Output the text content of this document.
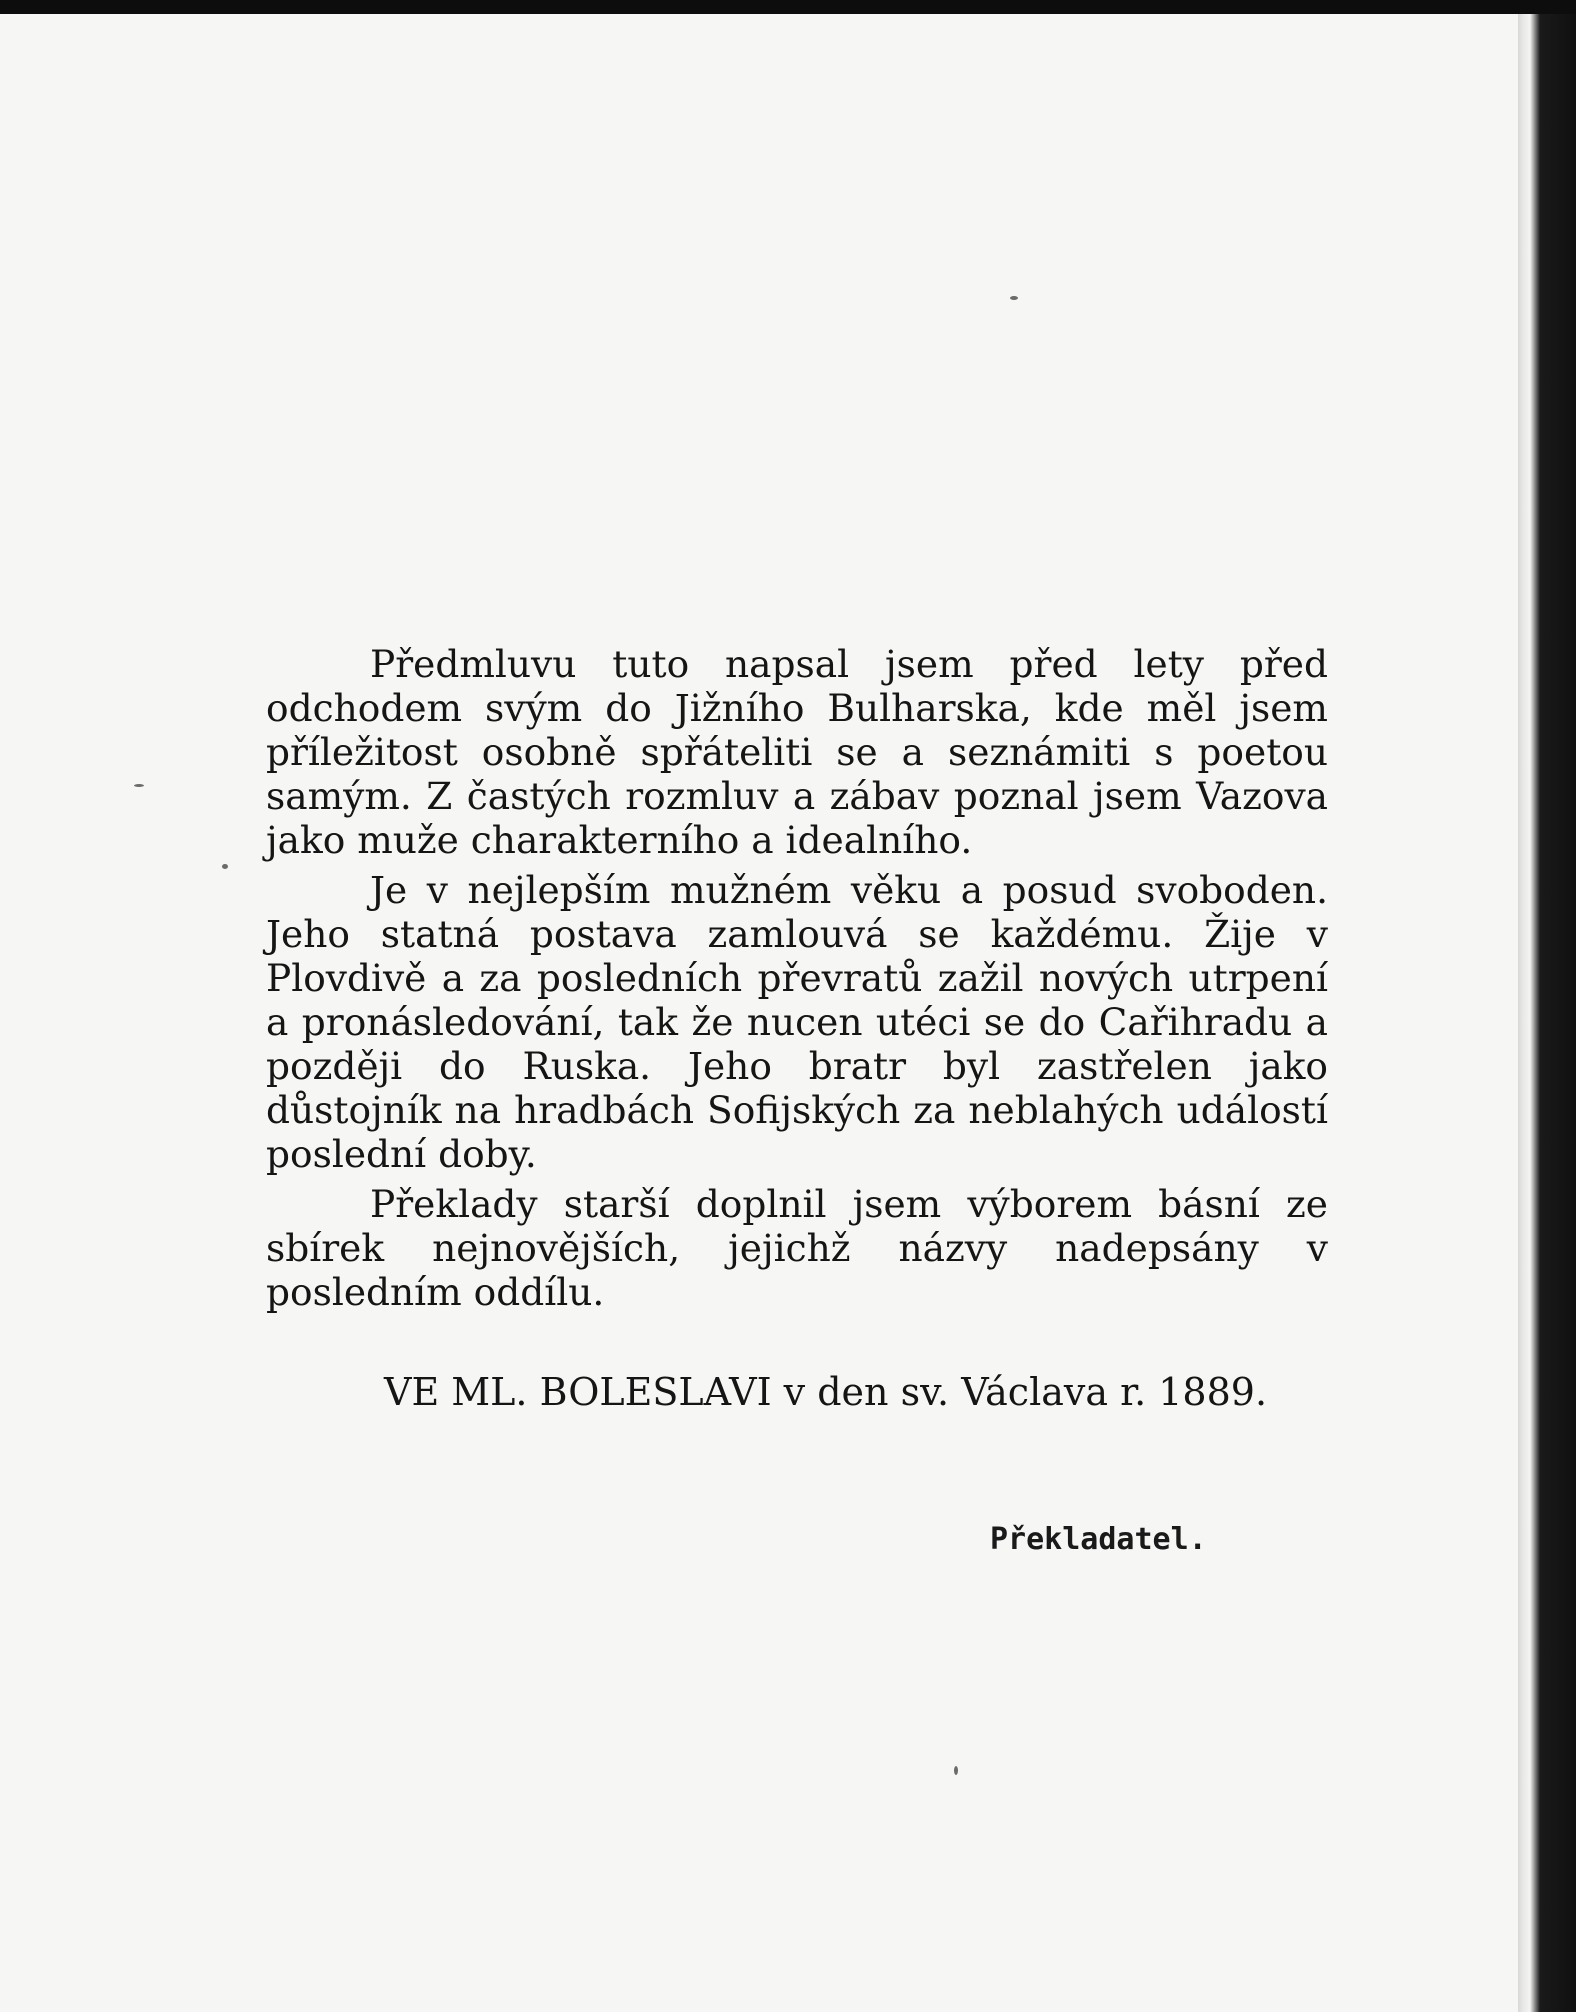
Předmluvu tuto napsal jsem před lety před odchodem svým do Jižního Bulharska, kde měl jsem příležitost osobně spřáteliti se a seznámiti s poetou samým. Z častých rozmluv a zábav poznal jsem Vazova jako muže charakterního a idealního.

Je v nejlepším mužném věku a posud svoboden. Jeho statná postava zamlouvá se každému. Žije v Plovdivě a za posledních převratů zažil nových utrpení a pronásledování, tak že nucen utéci se do Cařihradu a později do Ruska. Jeho bratr byl zastřelen jako důstojník na hradbách Sofijských za neblahých událostí poslední doby.

Překlady starší doplnil jsem výborem básní ze sbírek nejnovějších, jejichž názvy nadepsány v posledním oddílu.

VE ML. BOLESLAVI v den sv. Václava r. 1889.
Překladatel.
